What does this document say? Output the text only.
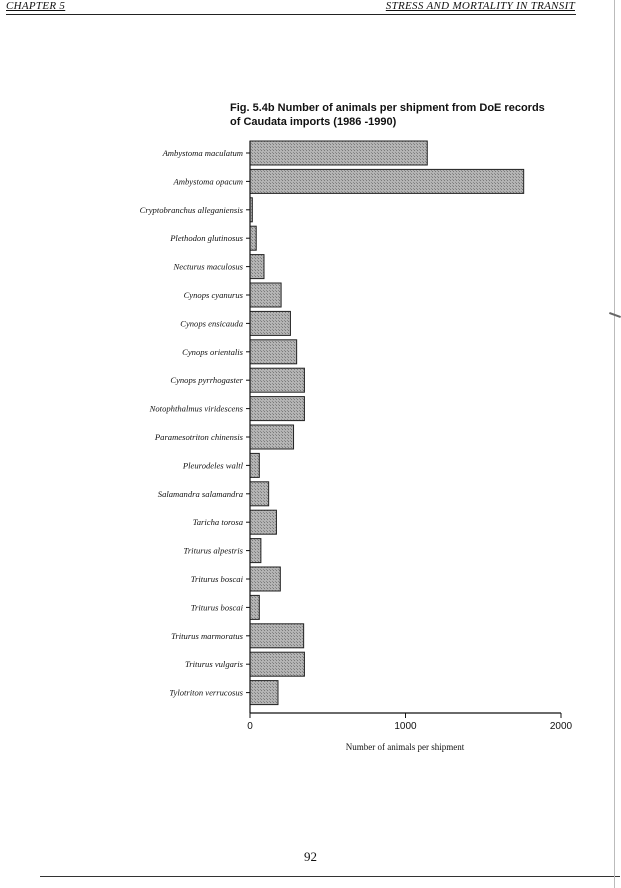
CHAPTER 5	STRESS AND MORTALITY IN TRANSIT
Fig. 5.4b Number of animals per shipment from DoE records
of Caudata imports (1986 -1990)
Ambystoma maculatum
Ambystoma opacum
Cryptobranchus alleganiensis
Plethodon glutinosus
Necturus maculosus
Cynops cyanurus
Cynops ensicauda
Cynops orientalis
Cynops pyrrhogaster
Notophthalmus viridescens
Paramesotriton chinensis
Pleurodeles waltl
Salamandra salamandra
Taricha torosa
Triturus alpestris
Triturus boscai
Triturus boscai
Triturus marmoratus
Triturus vulgaris
Tylotriton verrucosus
0	1000	2000
Number of animals per shipment
92
